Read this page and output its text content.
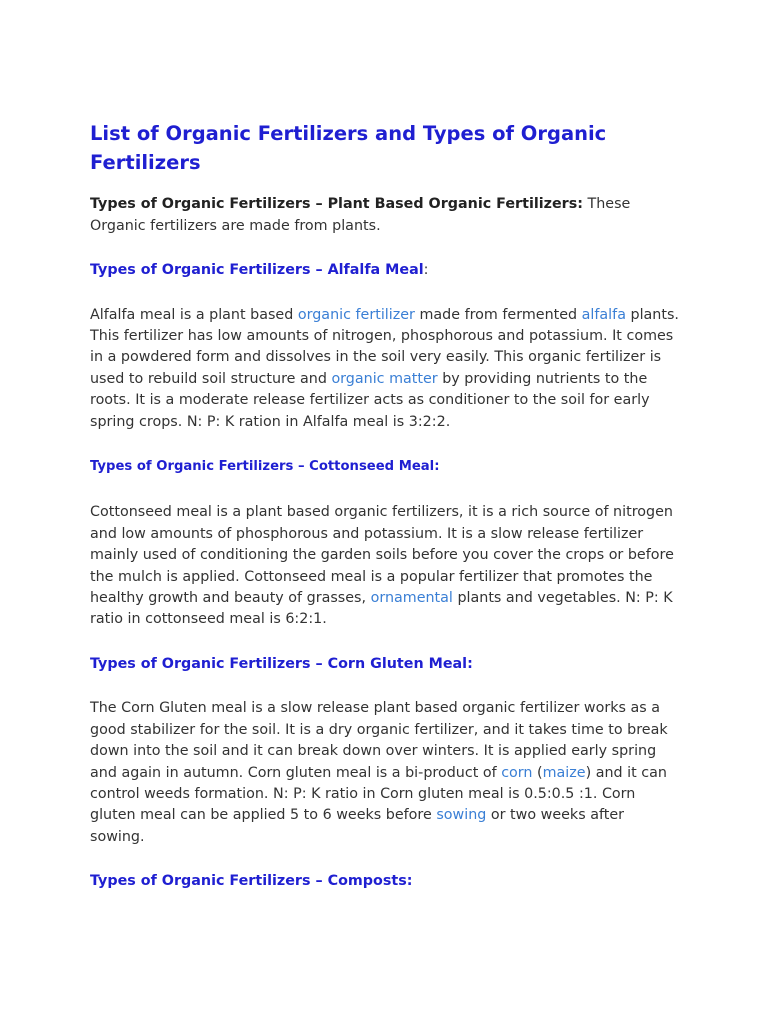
List of Organic Fertilizers and Types of Organic Fertilizers

Types of Organic Fertilizers – Plant Based Organic Fertilizers: These Organic fertilizers are made from plants.

Types of Organic Fertilizers – Alfalfa Meal:

Alfalfa meal is a plant based organic fertilizer made from fermented alfalfa plants. This fertilizer has low amounts of nitrogen, phosphorous and potassium. It comes in a powdered form and dissolves in the soil very easily. This organic fertilizer is used to rebuild soil structure and organic matter by providing nutrients to the roots. It is a moderate release fertilizer acts as conditioner to the soil for early spring crops. N: P: K ration in Alfalfa meal is 3:2:2.

Types of Organic Fertilizers – Cottonseed Meal:

Cottonseed meal is a plant based organic fertilizers, it is a rich source of nitrogen and low amounts of phosphorous and potassium. It is a slow release fertilizer mainly used of conditioning the garden soils before you cover the crops or before the mulch is applied. Cottonseed meal is a popular fertilizer that promotes the healthy growth and beauty of grasses, ornamental plants and vegetables. N: P: K ratio in cottonseed meal is 6:2:1.

Types of Organic Fertilizers – Corn Gluten Meal:

The Corn Gluten meal is a slow release plant based organic fertilizer works as a good stabilizer for the soil. It is a dry organic fertilizer, and it takes time to break down into the soil and it can break down over winters. It is applied early spring and again in autumn. Corn gluten meal is a bi-product of corn (maize) and it can control weeds formation. N: P: K ratio in Corn gluten meal is 0.5:0.5 :1. Corn gluten meal can be applied 5 to 6 weeks before sowing or two weeks after sowing.

Types of Organic Fertilizers – Composts:
